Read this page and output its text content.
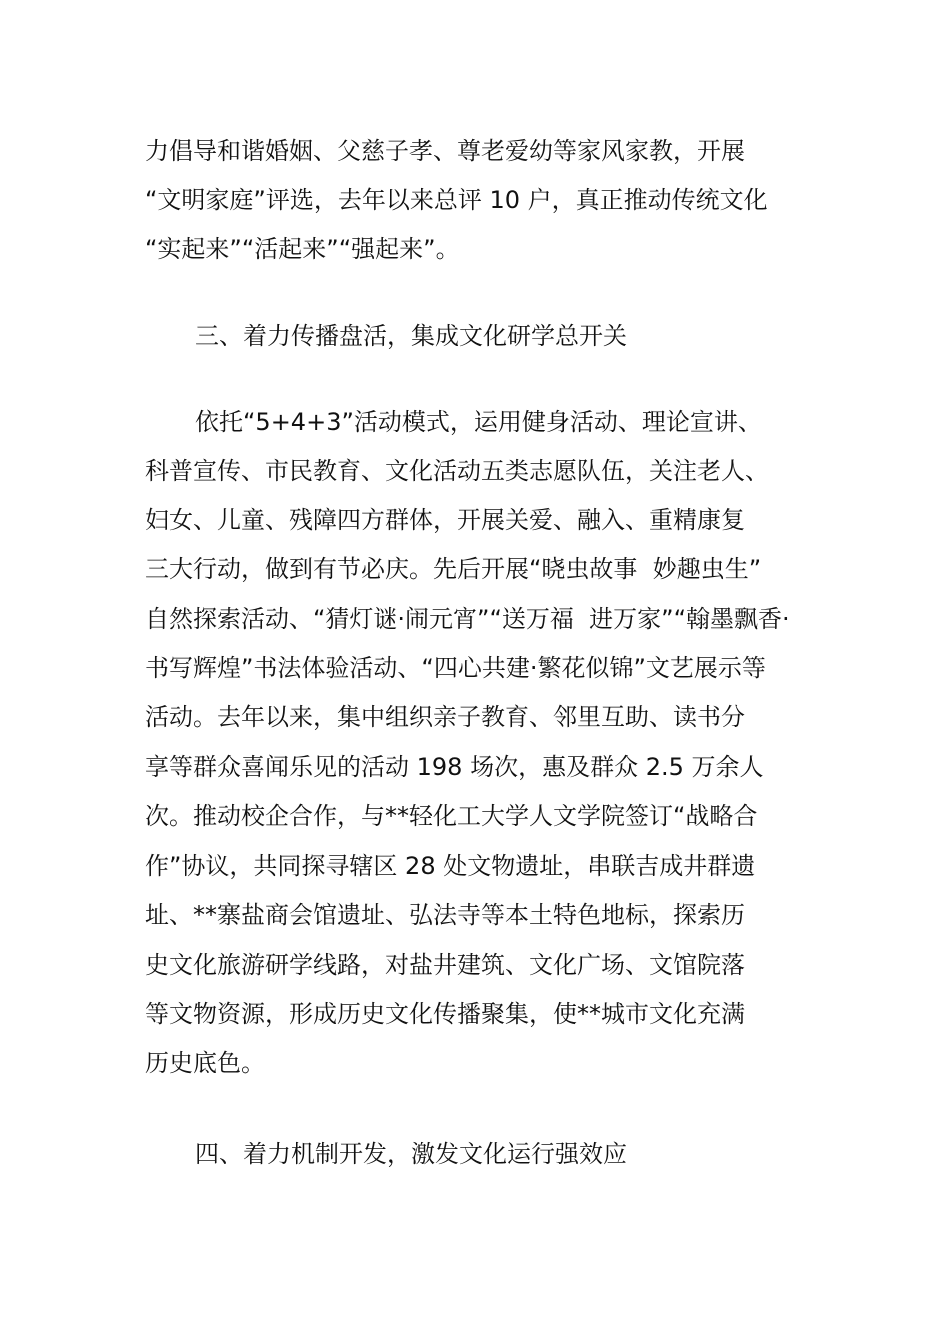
力倡导和谐婚姻、父慈子孝、尊老爱幼等家风家教，开展
“文明家庭”评选，去年以来总评 10 户，真正推动传统文化
“实起来”“活起来”“强起来”。
三、着力传播盘活，集成文化研学总开关
依托“5+4+3”活动模式，运用健身活动、理论宣讲、
科普宣传、市民教育、文化活动五类志愿队伍，关注老人、
妇女、儿童、残障四方群体，开展关爱、融入、重精康复
三大行动，做到有节必庆。先后开展“晓虫故事  妙趣虫生”
自然探索活动、“猜灯谜·闹元宵”“送万福  进万家”“翰墨飘香·
书写辉煌”书法体验活动、“四心共建·繁花似锦”文艺展示等
活动。去年以来，集中组织亲子教育、邻里互助、读书分
享等群众喜闻乐见的活动 198 场次，惠及群众 2.5 万余人
次。推动校企合作，与**轻化工大学人文学院签订“战略合
作”协议，共同探寻辖区 28 处文物遗址，串联吉成井群遗
址、**寨盐商会馆遗址、弘法寺等本土特色地标，探索历
史文化旅游研学线路，对盐井建筑、文化广场、文馆院落
等文物资源，形成历史文化传播聚集，使**城市文化充满
历史底色。
四、着力机制开发，激发文化运行强效应
